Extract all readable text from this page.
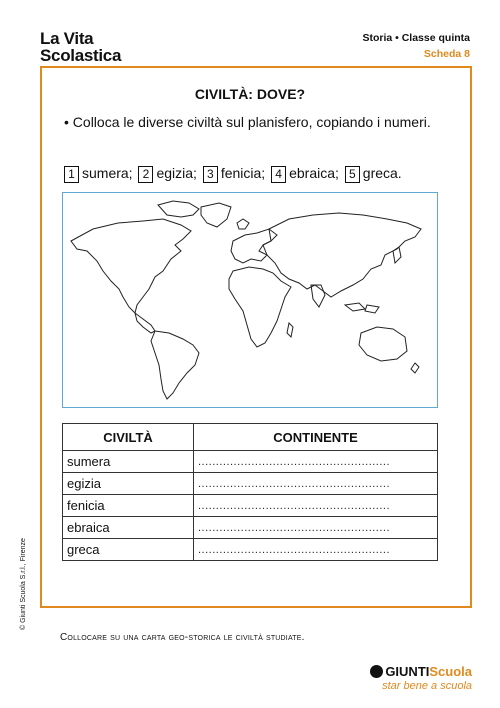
La Vita
Scolastica
Storia • Classe quinta
Scheda 8
CIVILTÀ: DOVE?
• Colloca le diverse civiltà sul planisfero, copiando i numeri.
1 sumera; 2 egizia; 3 fenicia; 4 ebraica; 5 greca.
CIVILTÀ	CONTINENTE
sumera	......................................................
egizia	......................................................
fenicia	......................................................
ebraica	......................................................
greca	......................................................
Collocare su una carta geo-storica le civiltà studiate.
© Giunti Scuola S.r.l., Firenze
GIUNTIScuola
star bene a scuola
